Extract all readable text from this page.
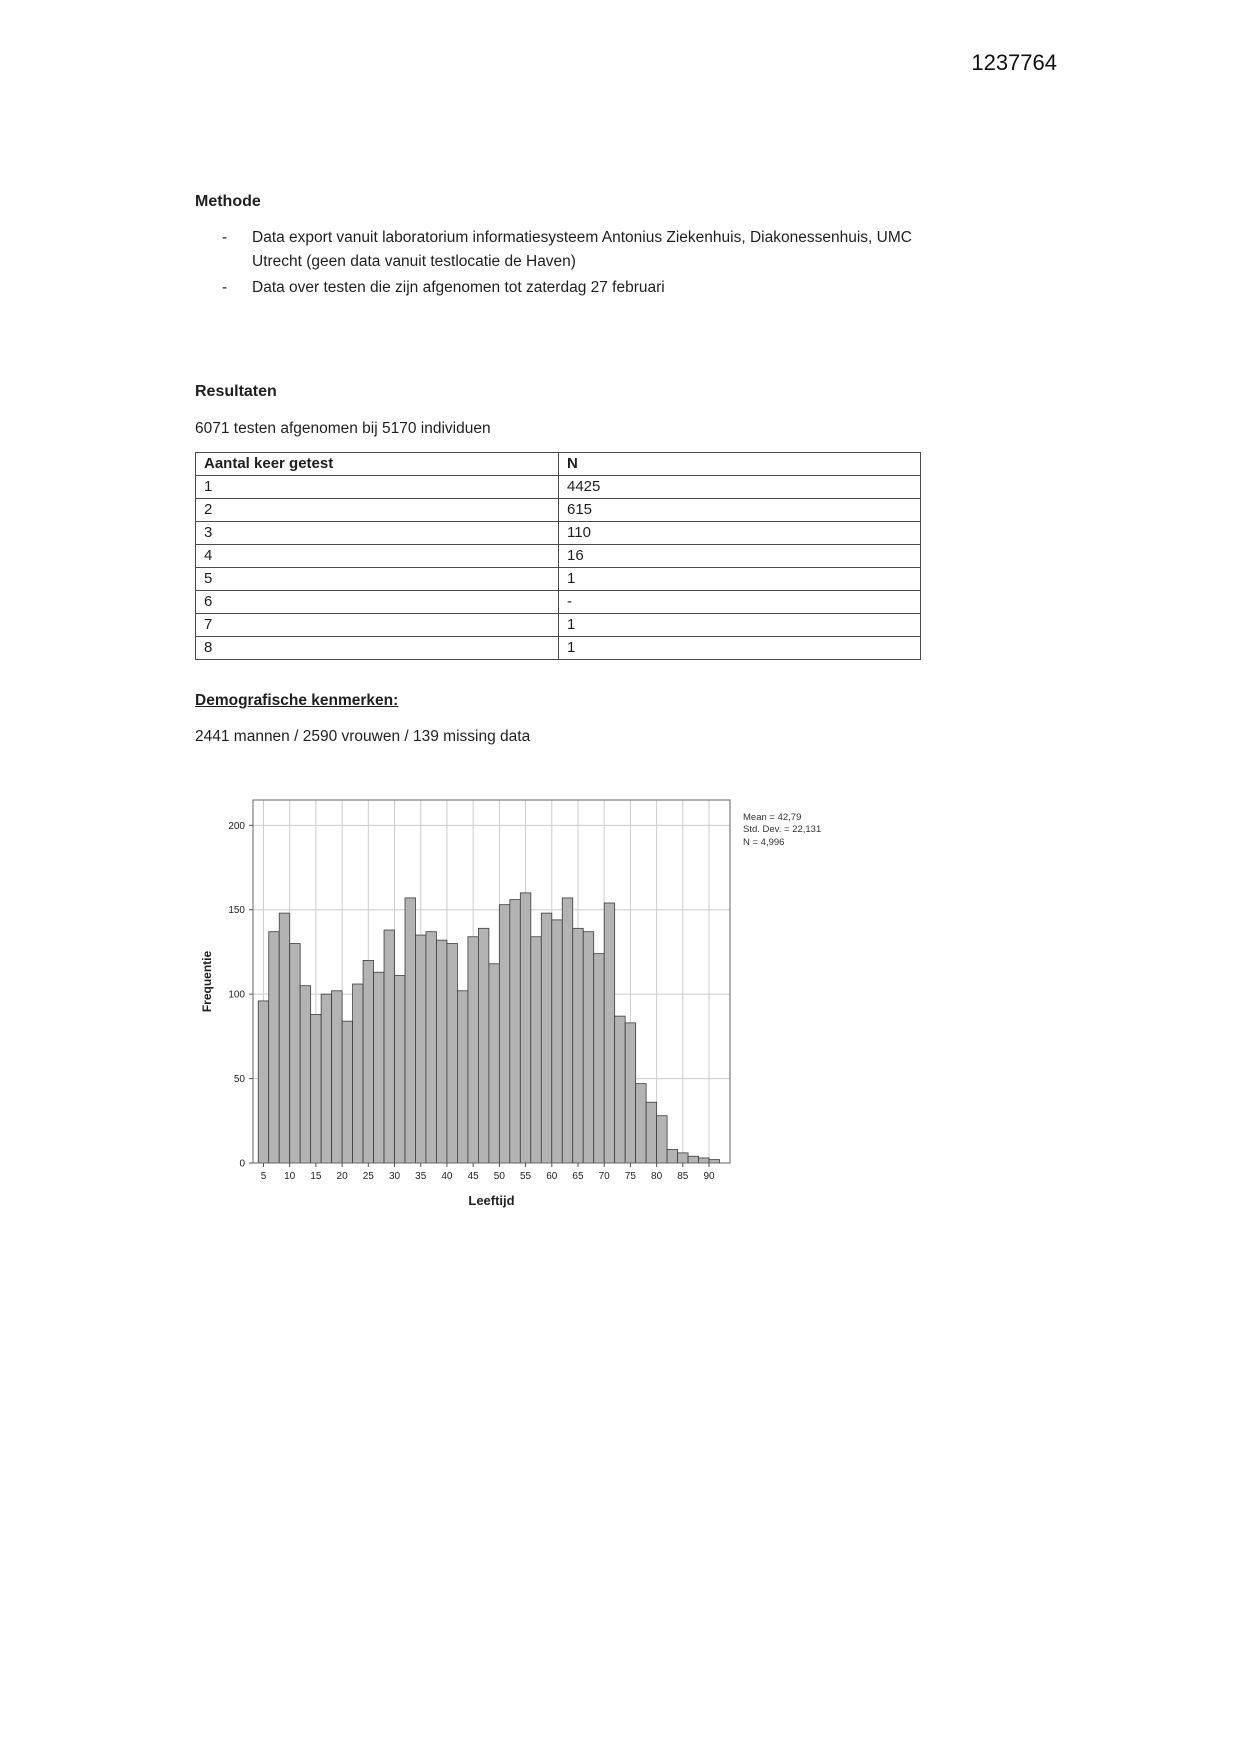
1237764
Methode
-	Data export vanuit laboratorium informatiesysteem Antonius Ziekenhuis, Diakonessenhuis, UMC Utrecht (geen data vanuit testlocatie de Haven)
-	Data over testen die zijn afgenomen tot zaterdag 27 februari
Resultaten
6071 testen afgenomen bij 5170 individuen
Aantal keer getest	N
1	4425
2	615
3	110
4	16
5	1
6	-
7	1
8	1
Demografische kenmerken:
2441 mannen / 2590 vrouwen / 139 missing data
0
50
100
150
200
5 10 15 20 25 30 35 40 45 50 55 60 65 70 75 80 85 90
Frequentie
Leeftijd
Mean = 42,79
Std. Dev. = 22,131
N = 4,996
